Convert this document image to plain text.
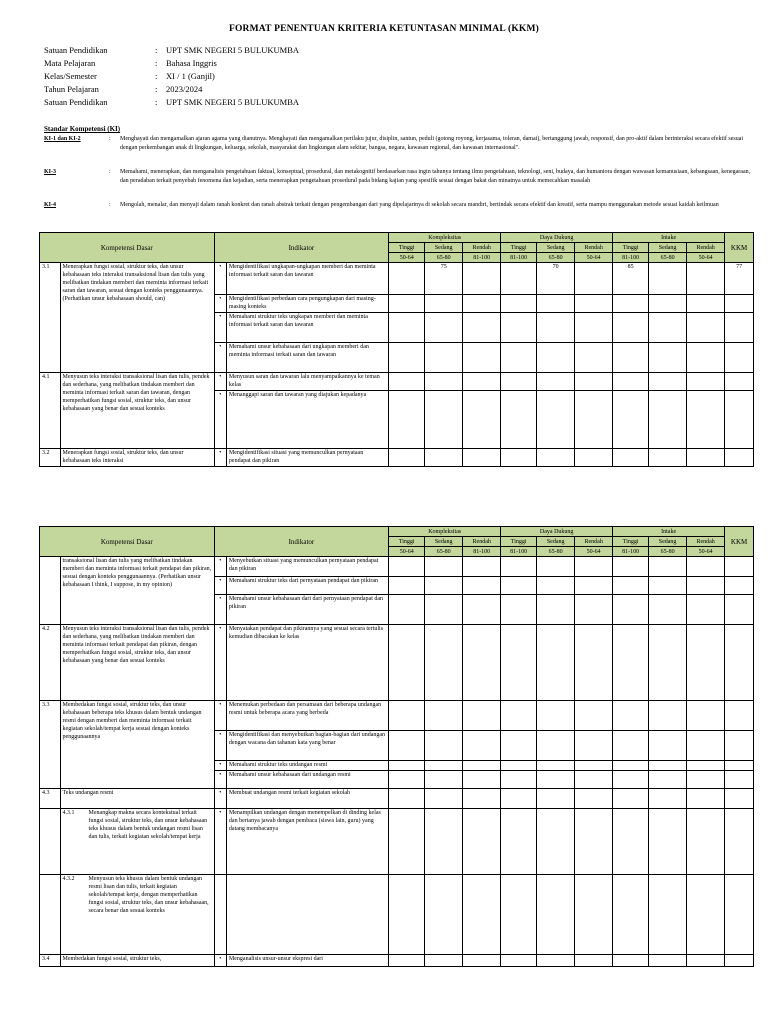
FORMAT PENENTUAN KRITERIA KETUNTASAN MINIMAL (KKM)
Satuan Pendidikan	: UPT SMK NEGERI 5 BULUKUMBA
Mata Pelajaran	: Bahasa Inggris
Kelas/Semester	: XI / 1 (Ganjil)
Tahun Pelajaran	: 2023/2024
Satuan Pendidikan	: UPT SMK NEGERI 5 BULUKUMBA
Standar Kompetensi (KI)
KI-1 dan KI-2	: Menghayati dan mengamalkan ajaran agama yang dianutnya. Menghayati dan mengamalkan perilaku jujur, disiplin, santun, peduli (gotong royong, kerjasama, toleran, damai), bertanggung jawab, responsif, dan pro-aktif dalam berinteraksi secara efektif sesuai dengan perkembangan anak di lingkungan, keluarga, sekolah, masyarakat dan lingkungan alam sekitar, bangsa, negara, kawasan regional, dan kawasan internasional".
KI-3	: Memahami, menerapkan, dan menganalisis pengetahuan faktual, konseptual, prosedural, dan metakognitif berdasarkan rasa ingin tahunya tentang ilmu pengetahuan, teknologi, seni, budaya, dan humaniora dengan wawasan kemanusiaan, kebangsaan, kenegaraan, dan peradaban terkait penyebab fenomena dan kejadian, serta menerapkan pengetahuan prosedural pada bidang kajian yang spesifik sesuai dengan bakat dan minatnya untuk memecahkan masalah
KI-4	: Mengolah, menalar, dan menyaji dalam ranah konkret dan ranah abstrak terkait dengan pengembangan dari yang dipelajarinya di sekolah secara mandiri, bertindak secara efektif dan kreatif, serta mampu menggunakan metode sesuai kaidah keilmuan
Kompetensi Dasar		Indikator		Kompleksitas			Daya Dukung			Intake			KKM
				Tinggi	Sedang	Rendah	Tinggi	Sedang	Rendah	Tinggi	Sedang	Rendah	
				50-64	65-80	81-100	81-100	65-80	50-64	81-100	65-80	50-64	
3.1	Menerapkan fungsi sosial, struktur teks, dan unsur kebahasaan teks interaksi transaksional lisan dan tulis yang melibatkan tindakan memberi dan meminta informasi terkait saran dan tawaran, sesuai dengan konteks penggunaannya. (Perhatikan unsur kebahasaan should, can)	•	Mengidentifikasi ungkapan-ungkapan memberi dan meminta informasi terkait saran dan tawaran		75			70		85			77
		•	Mengidentifikasi perbedaan cara pengungkapan dari masing-masing konteks										
		•	Memahami struktur teks ungkapan memberi dan meminta informasi terkait saran dan tawaran										
		•	Memahami unsur kebahasaan dari ungkapan memberi dan meminta informasi terkait saran dan tawaran										
4.1	Menyusun teks interaksi transaksional lisan dan tulis, pendek dan sederhana, yang melibatkan tindakan memberi dan meminta informasi terkait saran dan tawaran, dengan memperhatikan fungsi sosial, struktur teks, dan unsur kebahasaan yang benar dan sesuai konteks	•	Menyusun saran dan tawaran lalu menyampaikannya ke teman kelas										
		•	Menanggapi saran dan tawaran yang diajukan kepadanya										
3.2	Menerapkan fungsi sosial, struktur teks, dan unsur kebahasaan teks interaksi	•	Mengidentifikasi situasi yang memunculkan pernyataan pendapat dan pikiran										
Kompetensi Dasar		Indikator		Kompleksitas			Daya Dukung			Intake			KKM
				Tinggi	Sedang	Rendah	Tinggi	Sedang	Rendah	Tinggi	Sedang	Rendah	
				50-64	65-80	81-100	81-100	65-80	50-64	81-100	65-80	50-64	
	transaksional lisan dan tulis yang melibatkan tindakan memberi dan meminta informasi terkait pendapat dan pikiran, sesuai dengan konteks penggunaannya. (Perhatikan unsur kebahasaan I think, I suppose, in my opinion)	•	Menyebutkan situasi yang memunculkan pernyataan pendapat dan pikiran										
		•	Memahami struktur teks dari pernyataan pendapat dan pikiran										
		•	Memahami unsur kebahasaan dari dari pernyataan pendapat dan pikiran										
4.2	Menyusun teks interaksi transaksional lisan dan tulis, pendek dan sederhana, yang melibatkan tindakan memberi dan meminta informasi terkait pendapat dan pikiran, dengan memperhatikan fungsi sosial, struktur teks, dan unsur kebahasaan yang benar dan sesuai konteks	•	Menyatakan pendapat dan pikirannya yang sesuai secara tertulis kemudian dibacakan ke kelas										
3.3	Membedakan fungsi sosial, struktur teks, dan unsur kebahasaan beberapa teks khusus dalam bentuk undangan resmi dengan memberi dan meminta informasi terkait kegiatan sekolah/tempat kerja sesuai dengan konteks penggunaannya	•	Menemukan perbedaan dan persamaan dari beberapa undangan resmi untuk beberapa acara yang berbeda										
		•	Mengidentifikasi dan menyebutkan bagian-bagian dari undangan dengan wacana dan tahanan kata yang benar										
		•	Memahami struktur teks undangan resmi										
		•	Memahami unsur kebahasaan dari undangan resmi										
4.3	Teks undangan resmi	•	Membuat undangan resmi terkait kegiatan sekolah										

	4.3.1 Menangkap makna secara kontekstual terkait fungsi sosial, struktur teks, dan unsur kebahasaan teks khusus dalam bentuk undangan resmi lisan dan tulis, terkait kegiatan sekolah/tempat kerja	•	Menampilkan undangan dengan menempelkan di dinding kelas dan bertanya jawab dengan pembaca (siswa lain, guru) yang datang membacanya										

	4.3.2 Menyusun teks khusus dalam bentuk undangan resmi lisan dan tulis, terkait kegiatan sekolah/tempat kerja, dengan memperhatikan fungsi sosial, struktur teks, dan unsur kebahasaan, secara benar dan sesuai konteks												

3.4	Membedakan fungsi sosial, struktur teks,	•	Menganalisis unsur-unsur ekspresi dari										
